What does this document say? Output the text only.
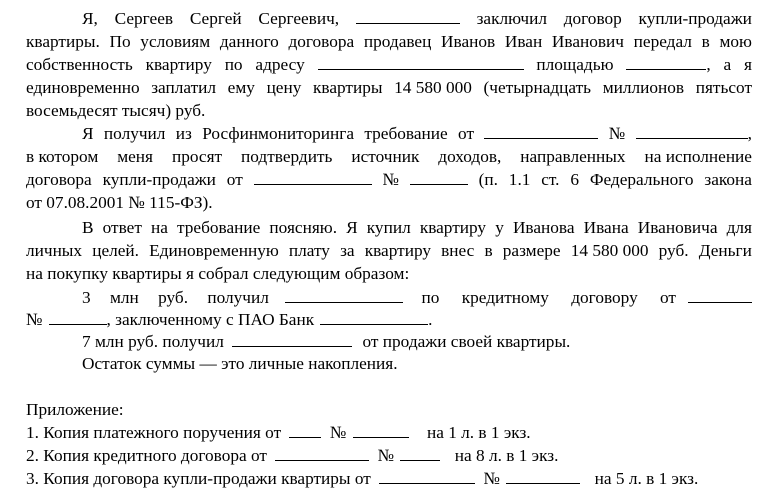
Я, Сергеев Сергей Сергеевич,	заключил договор купли-продажи
квартиры. По условиям данного договора продавец Иванов Иван Иванович передал в мою
собственность квартиру по адресу	площадью	, а я
единовременно заплатил ему цену квартиры 14 580 000 (четырнадцать миллионов пятьсот
восемьдесят тысяч) руб.
Я получил из Росфинмониторинга требование от	№	,
в котором меня просят подтвердить источник доходов, направленных на исполнение
договора купли-продажи от	№	(п. 1.1 ст. 6 Федерального закона
от 07.08.2001 № 115-ФЗ).
В ответ на требование поясняю. Я купил квартиру у Иванова Ивана Ивановича для
личных целей. Единовременную плату за квартиру внес в размере 14 580 000 руб. Деньги
на покупку квартиры я собрал следующим образом:
3 млн руб. получил	по кредитному договору от
№	, заключенному с ПАО Банк	.
7 млн руб. получил	от продажи своей квартиры.
Остаток суммы — это личные накопления.
Приложение:
1. Копия платежного поручения от	№	на 1 л. в 1 экз.
2. Копия кредитного договора от	№	на 8 л. в 1 экз.
3. Копия договора купли-продажи квартиры от	№	на 5 л. в 1 экз.
